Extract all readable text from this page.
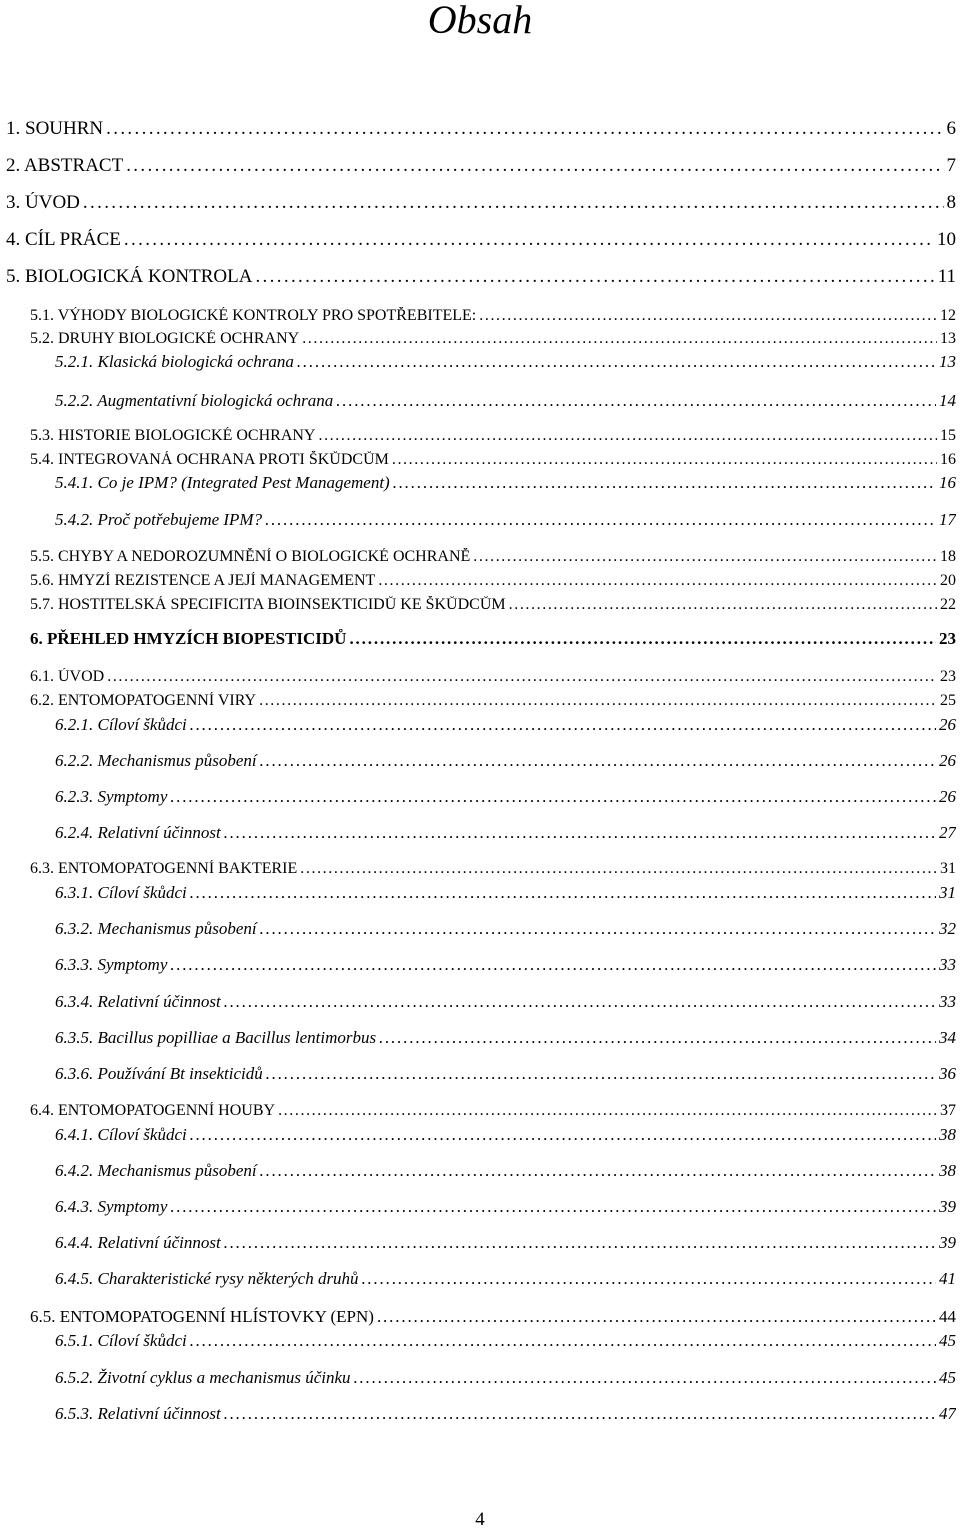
Obsah
1. SOUHRN . . .	6
2. ABSTRACT . . .	7
3. ÚVOD . . .	8
4. CÍL PRÁCE . . .	10
5. BIOLOGICKÁ KONTROLA . . .	11
5.1. VÝHODY BIOLOGICKÉ KONTROLY PRO SPOTŘEBITELE: . . .	12
5.2. DRUHY BIOLOGICKÉ OCHRANY . . .	13
5.2.1. Klasická biologická ochrana . . .	13
5.2.2. Augmentativní biologická ochrana . . .	14
5.3. HISTORIE BIOLOGICKÉ OCHRANY . . .	15
5.4. INTEGROVANÁ OCHRANA PROTI ŠKŮDCŮM . . .	16
5.4.1. Co je IPM? (Integrated Pest Management) . . .	16
5.4.2. Proč potřebujeme IPM? . . .	17
5.5. CHYBY A NEDOROZUMNĚNÍ O BIOLOGICKÉ OCHRANĚ . . .	18
5.6. HMYZÍ REZISTENCE A JEJÍ MANAGEMENT . . .	20
5.7. HOSTITELSKÁ SPECIFICITA BIOINSEKTICIDŮ KE ŠKŮDCŮM . . .	22
6. PŘEHLED HMYZÍCH BIOPESTICIDŮ . . .	23
6.1. ÚVOD . . .	23
6.2. ENTOMOPATOGENNÍ VIRY . . .	25
6.2.1. Cíloví škůdci . . .	26
6.2.2. Mechanismus působení . . .	26
6.2.3. Symptomy . . .	26
6.2.4. Relativní účinnost . . .	27
6.3. ENTOMOPATOGENNÍ BAKTERIE . . .	31
6.3.1. Cíloví škůdci . . .	31
6.3.2. Mechanismus působení . . .	32
6.3.3. Symptomy . . .	33
6.3.4. Relativní účinnost . . .	33
6.3.5. Bacillus popilliae a Bacillus lentimorbus . . .	34
6.3.6. Používání Bt insekticidů . . .	36
6.4. ENTOMOPATOGENNÍ HOUBY . . .	37
6.4.1. Cíloví škůdci . . .	38
6.4.2. Mechanismus působení . . .	38
6.4.3. Symptomy . . .	39
6.4.4. Relativní účinnost . . .	39
6.4.5. Charakteristické rysy některých druhů . . .	41
6.5. ENTOMOPATOGENNÍ HLÍSTOVKY (EPN) . . .	44
6.5.1. Cíloví škůdci . . .	45
6.5.2. Životní cyklus a mechanismus účinku . . .	45
6.5.3. Relativní účinnost . . .	47
4
